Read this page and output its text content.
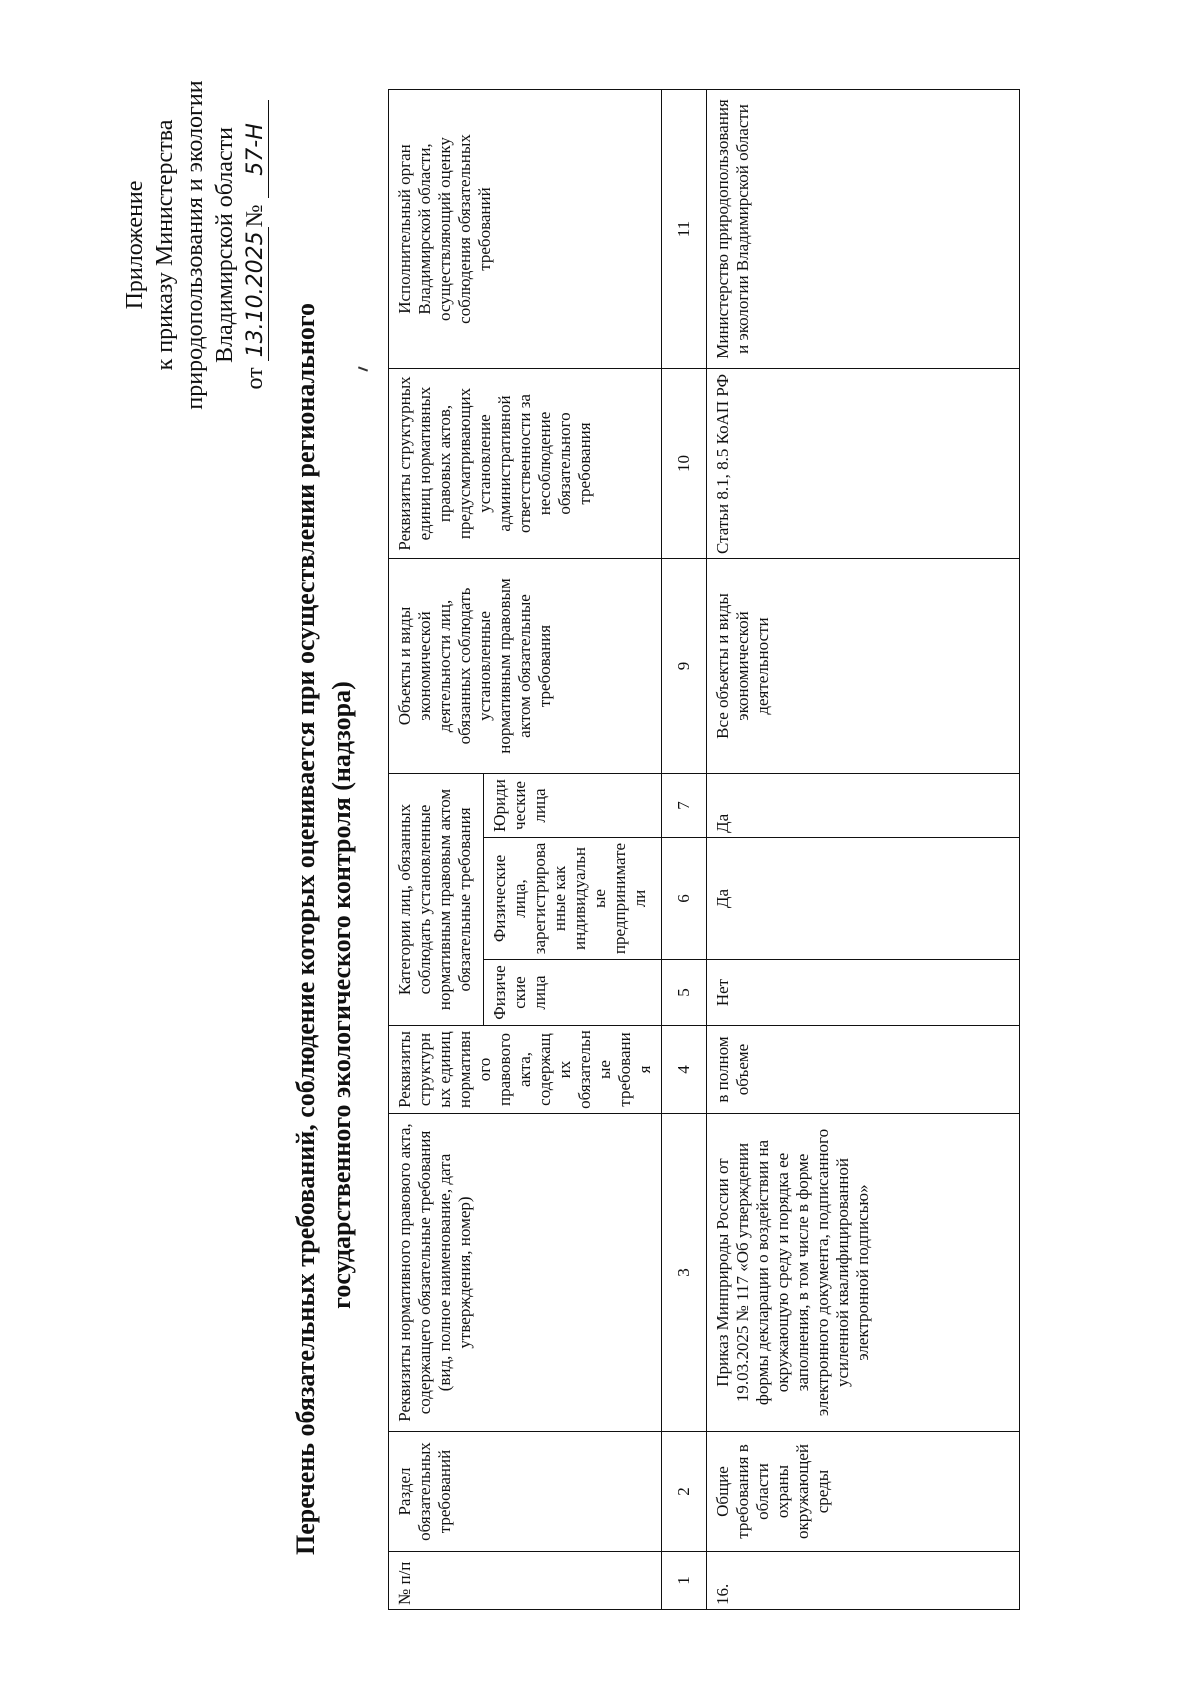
Приложение к приказу Министерства природопользования и экологии Владимирской области
от 13.10.2025№ 57-Н
Перечень обязательных требований, соблюдение которых оценивается при осуществлении регионального государственного экологического контроля (надзора)
№ п/п	Раздел обязательных требований	Реквизиты нормативного правового акта, содержащего обязательные требования (вид, полное наименование, дата утверждения, номер)	Реквизиты структурных единиц нормативного правового акта, содержащих обязательные требования	Категории лиц, обязанных соблюдать установленные нормативным правовым актом обязательные требования			Объекты и виды экономической деятельности лиц, обязанных соблюдать установленные нормативным правовым актом обязательные требования	Реквизиты структурных единиц нормативных правовых актов, предусматривающих установление административной ответственности за несоблюдение обязательного требования	Исполнительный орган Владимирской области, осуществляющий оценку соблюдения обязательных требований
				Физические лица	Физические лица, зарегистрированные как индивидуальные предприниматели	Юридические лица			
1	2	3	4	5	6	7	9	10	11
16.	Общие требования в области охраны окружающей среды	Приказ Минприроды России от 19.03.2025 № 117 «Об утверждении формы декларации о воздействии на окружающую среду и порядка ее заполнения, в том числе в форме электронного документа, подписанного усиленной квалифицированной электронной подписью»	в полном объеме	Нет	Да	Да	Все объекты и виды экономической деятельности	Статьи 8.1, 8.5 КоАП РФ	Министерство природопользования и экологии Владимирской области
